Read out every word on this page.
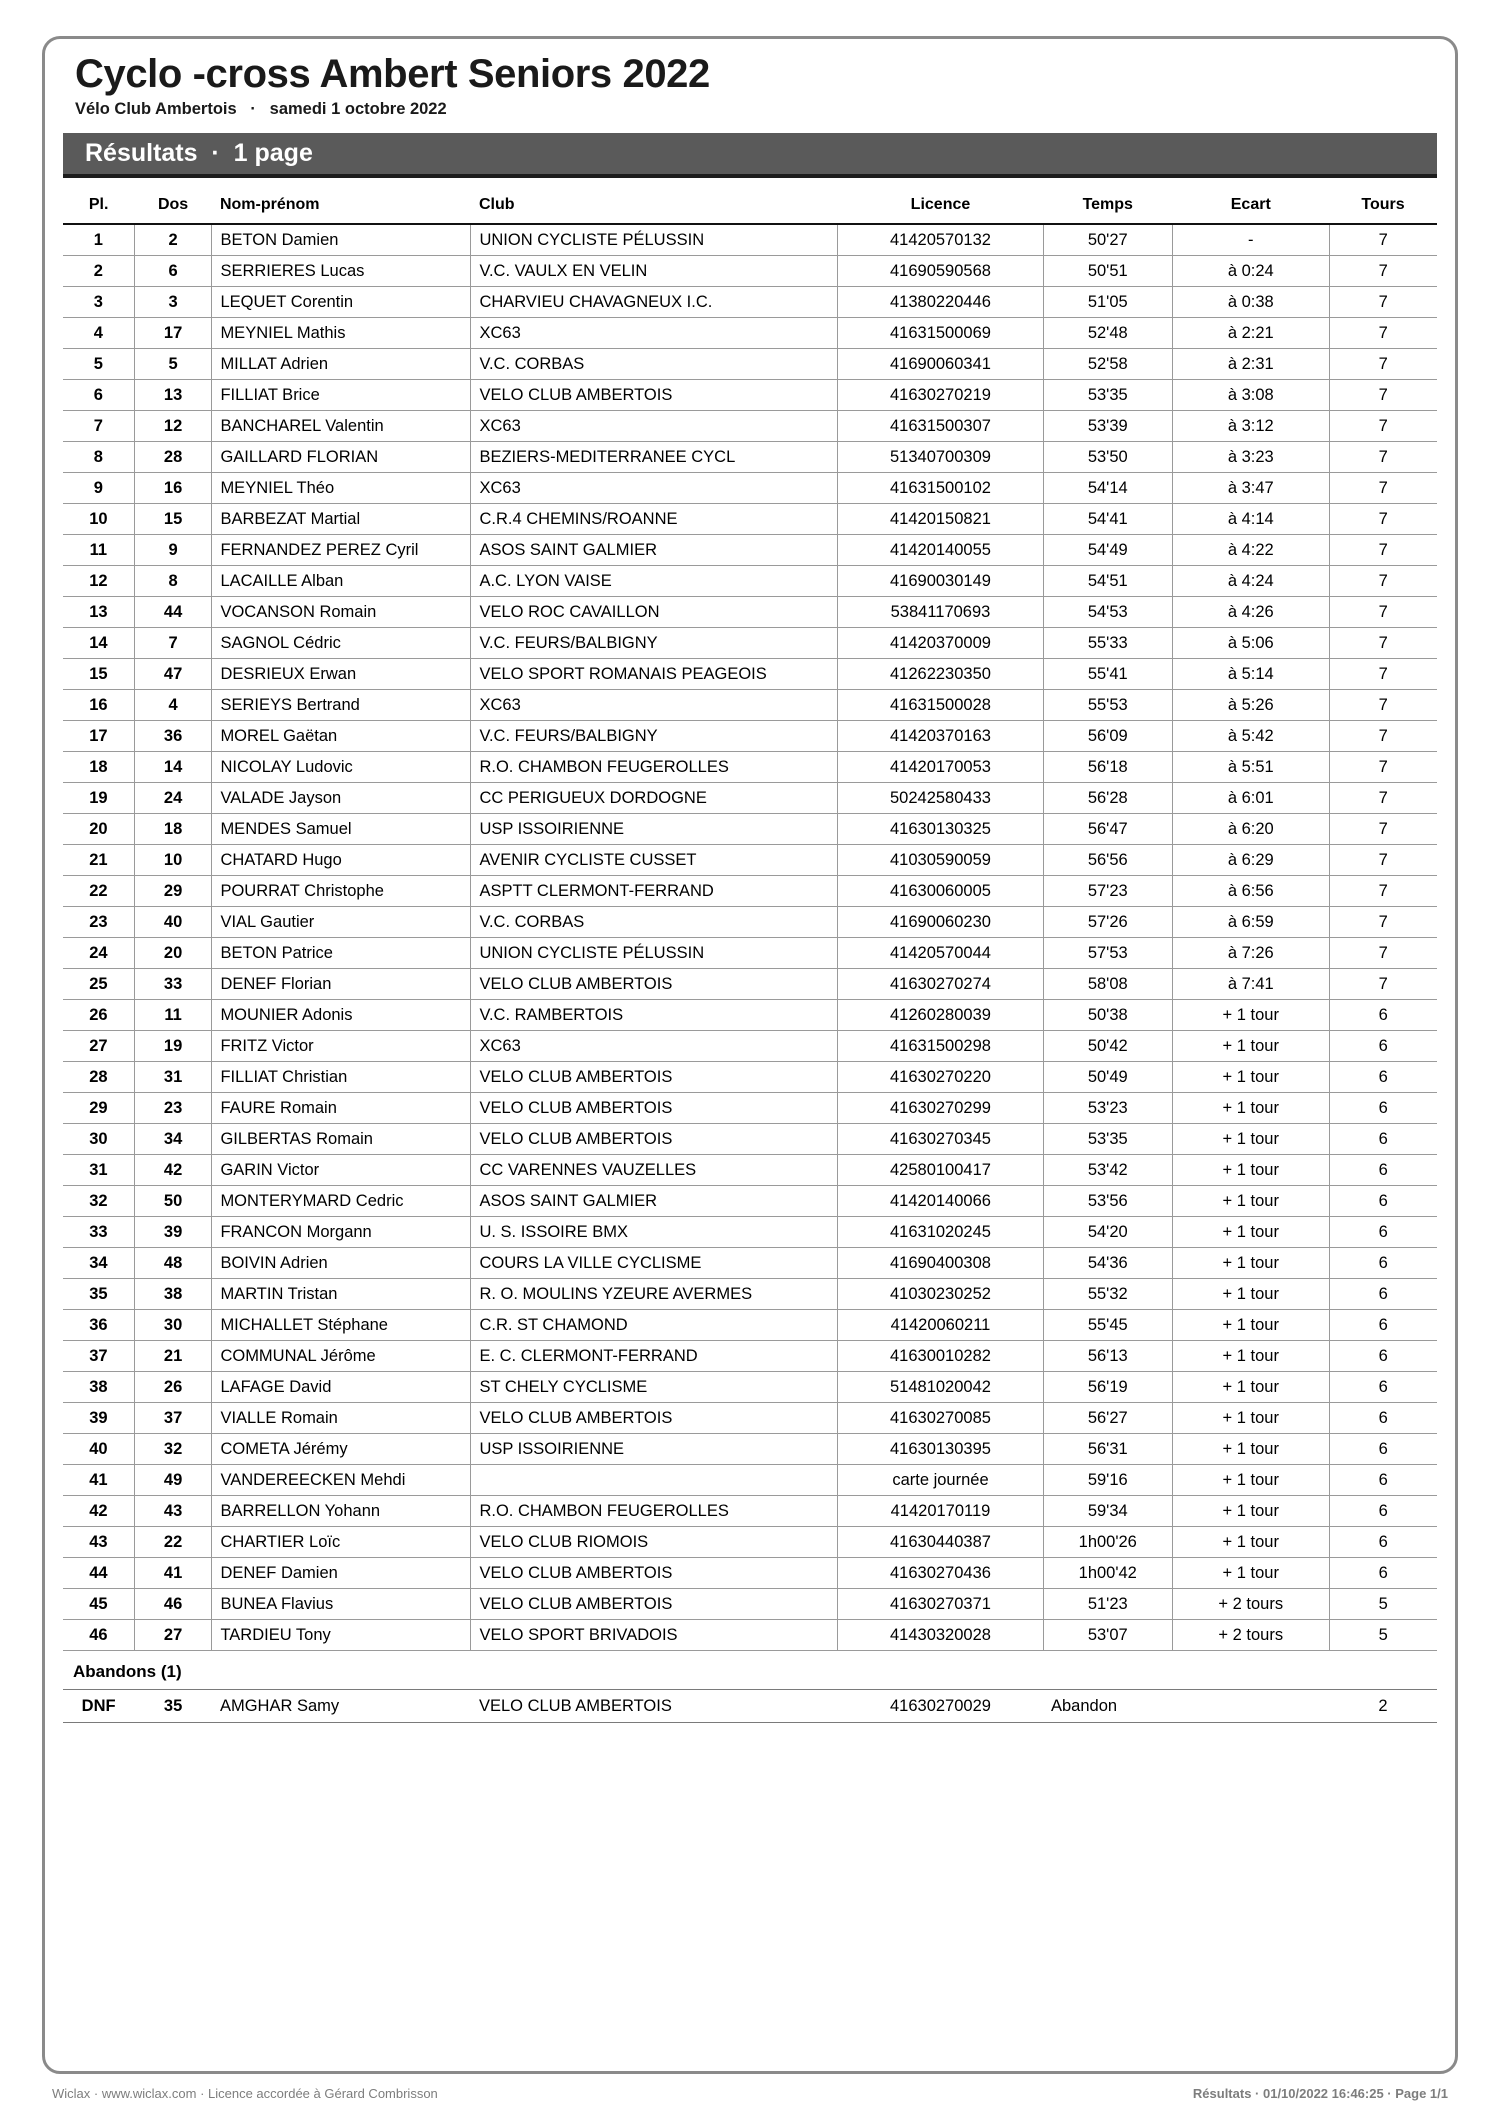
Cyclo -cross Ambert Seniors 2022
Vélo Club Ambertois   ·   samedi 1 octobre 2022
Résultats  ·  1 page
Pl.	Dos	Nom-prénom	Club	Licence	Temps	Ecart	Tours
1	2	BETON Damien	UNION CYCLISTE PÉLUSSIN	41420570132	50'27	-	7
2	6	SERRIERES Lucas	V.C. VAULX EN VELIN	41690590568	50'51	à 0:24	7
3	3	LEQUET Corentin	CHARVIEU CHAVAGNEUX I.C.	41380220446	51'05	à 0:38	7
4	17	MEYNIEL Mathis	XC63	41631500069	52'48	à 2:21	7
5	5	MILLAT Adrien	V.C. CORBAS	41690060341	52'58	à 2:31	7
6	13	FILLIAT Brice	VELO CLUB AMBERTOIS	41630270219	53'35	à 3:08	7
7	12	BANCHAREL Valentin	XC63	41631500307	53'39	à 3:12	7
8	28	GAILLARD FLORIAN	BEZIERS-MEDITERRANEE CYCL	51340700309	53'50	à 3:23	7
9	16	MEYNIEL Théo	XC63	41631500102	54'14	à 3:47	7
10	15	BARBEZAT Martial	C.R.4 CHEMINS/ROANNE	41420150821	54'41	à 4:14	7
11	9	FERNANDEZ PEREZ Cyril	ASOS SAINT GALMIER	41420140055	54'49	à 4:22	7
12	8	LACAILLE Alban	A.C. LYON VAISE	41690030149	54'51	à 4:24	7
13	44	VOCANSON Romain	VELO ROC CAVAILLON	53841170693	54'53	à 4:26	7
14	7	SAGNOL Cédric	V.C. FEURS/BALBIGNY	41420370009	55'33	à 5:06	7
15	47	DESRIEUX Erwan	VELO SPORT ROMANAIS PEAGEOIS	41262230350	55'41	à 5:14	7
16	4	SERIEYS Bertrand	XC63	41631500028	55'53	à 5:26	7
17	36	MOREL Gaëtan	V.C. FEURS/BALBIGNY	41420370163	56'09	à 5:42	7
18	14	NICOLAY Ludovic	R.O. CHAMBON FEUGEROLLES	41420170053	56'18	à 5:51	7
19	24	VALADE Jayson	CC PERIGUEUX DORDOGNE	50242580433	56'28	à 6:01	7
20	18	MENDES Samuel	USP ISSOIRIENNE	41630130325	56'47	à 6:20	7
21	10	CHATARD Hugo	AVENIR CYCLISTE CUSSET	41030590059	56'56	à 6:29	7
22	29	POURRAT Christophe	ASPTT CLERMONT-FERRAND	41630060005	57'23	à 6:56	7
23	40	VIAL Gautier	V.C. CORBAS	41690060230	57'26	à 6:59	7
24	20	BETON Patrice	UNION CYCLISTE PÉLUSSIN	41420570044	57'53	à 7:26	7
25	33	DENEF Florian	VELO CLUB AMBERTOIS	41630270274	58'08	à 7:41	7
26	11	MOUNIER Adonis	V.C. RAMBERTOIS	41260280039	50'38	+ 1 tour	6
27	19	FRITZ Victor	XC63	41631500298	50'42	+ 1 tour	6
28	31	FILLIAT Christian	VELO CLUB AMBERTOIS	41630270220	50'49	+ 1 tour	6
29	23	FAURE Romain	VELO CLUB AMBERTOIS	41630270299	53'23	+ 1 tour	6
30	34	GILBERTAS Romain	VELO CLUB AMBERTOIS	41630270345	53'35	+ 1 tour	6
31	42	GARIN Victor	CC VARENNES VAUZELLES	42580100417	53'42	+ 1 tour	6
32	50	MONTERYMARD Cedric	ASOS SAINT GALMIER	41420140066	53'56	+ 1 tour	6
33	39	FRANCON Morgann	U. S. ISSOIRE BMX	41631020245	54'20	+ 1 tour	6
34	48	BOIVIN Adrien	COURS LA VILLE CYCLISME	41690400308	54'36	+ 1 tour	6
35	38	MARTIN Tristan	R. O. MOULINS YZEURE AVERMES	41030230252	55'32	+ 1 tour	6
36	30	MICHALLET Stéphane	C.R. ST CHAMOND	41420060211	55'45	+ 1 tour	6
37	21	COMMUNAL Jérôme	E. C. CLERMONT-FERRAND	41630010282	56'13	+ 1 tour	6
38	26	LAFAGE David	ST CHELY CYCLISME	51481020042	56'19	+ 1 tour	6
39	37	VIALLE Romain	VELO CLUB AMBERTOIS	41630270085	56'27	+ 1 tour	6
40	32	COMETA Jérémy	USP ISSOIRIENNE	41630130395	56'31	+ 1 tour	6
41	49	VANDEREECKEN Mehdi		carte journée	59'16	+ 1 tour	6
42	43	BARRELLON Yohann	R.O. CHAMBON FEUGEROLLES	41420170119	59'34	+ 1 tour	6
43	22	CHARTIER Loïc	VELO CLUB RIOMOIS	41630440387	1h00'26	+ 1 tour	6
44	41	DENEF Damien	VELO CLUB AMBERTOIS	41630270436	1h00'42	+ 1 tour	6
45	46	BUNEA Flavius	VELO CLUB AMBERTOIS	41630270371	51'23	+ 2 tours	5
46	27	TARDIEU Tony	VELO SPORT BRIVADOIS	41430320028	53'07	+ 2 tours	5
Abandons (1)
DNF	35	AMGHAR Samy	VELO CLUB AMBERTOIS	41630270029	Abandon		2
Wiclax · www.wiclax.com · Licence accordée à Gérard Combrisson	Résultats · 01/10/2022 16:46:25 · Page 1/1
